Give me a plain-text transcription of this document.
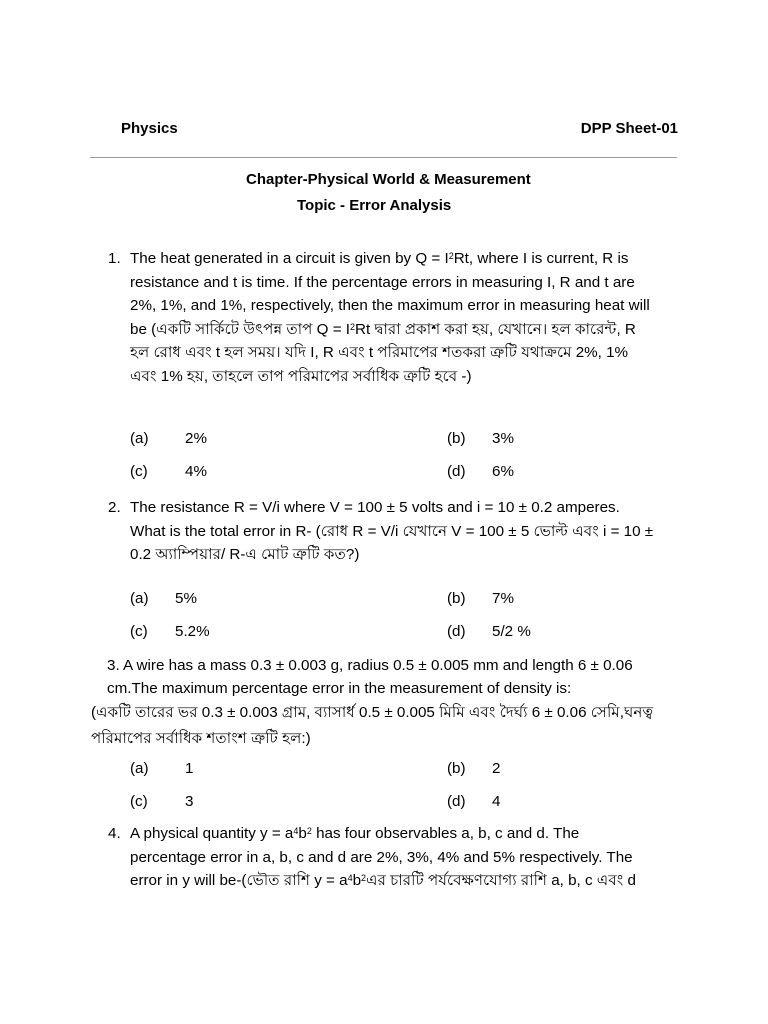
Physics	DPP Sheet-01
Chapter-Physical World & Measurement
Topic - Error Analysis
1. The heat generated in a circuit is given by $Q = I^2Rt$, where I is current, R is
resistance and t is time. If the percentage errors in measuring I, R and t are
2%, 1%, and 1%, respectively, then the maximum error in measuring heat will
be (একটি সার্কিটে উৎপন্ন তাপ $Q = I^2Rt$ দ্বারা প্রকাশ করা হয়, যেখানে। হল কারেন্ট, R
হল রোধ এবং t হল সময়। যদি I, R এবং t পরিমাপের শতকরা ত্রুটি যথাক্রমে 2%, 1%
এবং 1% হয়, তাহলে তাপ পরিমাপের সর্বাধিক ত্রুটি হবে -)
(a) 2%	(b) 3%
(c) 4%	(d) 6%
2. The resistance R = V/i where V = 100 ± 5 volts and i = 10 ± 0.2 amperes.
What is the total error in R- (রোধ R = V/i যেখানে V = 100 ± 5 ভোল্ট এবং i = 10 ±
0.2 অ্যাম্পিয়ার/ R-এ মোট ত্রুটি কত?)
(a) 5%	(b) 7%
(c) 5.2%	(d) 5/2 %
3. A wire has a mass 0.3 ± 0.003 g, radius 0.5 ± 0.005 mm and length 6 ± 0.06
cm.The maximum percentage error in the measurement of density is:
(একটি তারের ভর 0.3 ± 0.003 গ্রাম, ব্যাসার্ধ 0.5 ± 0.005 মিমি এবং দৈর্ঘ্য 6 ± 0.06 সেমি,ঘনত্ব
পরিমাপের সর্বাধিক শতাংশ ত্রুটি হল:)
(a) 1	(b) 2
(c) 3	(d) 4
4. A physical quantity $y = a^4b^2$ has four observables a, b, c and d. The
percentage error in a, b, c and d are 2%, 3%, 4% and 5% respectively. The
error in y will be-(ভৌত রাশি $y = a^4b^2এর$ চারটি পর্যবেক্ষণযোগ্য রাশি a, b, c এবং d
